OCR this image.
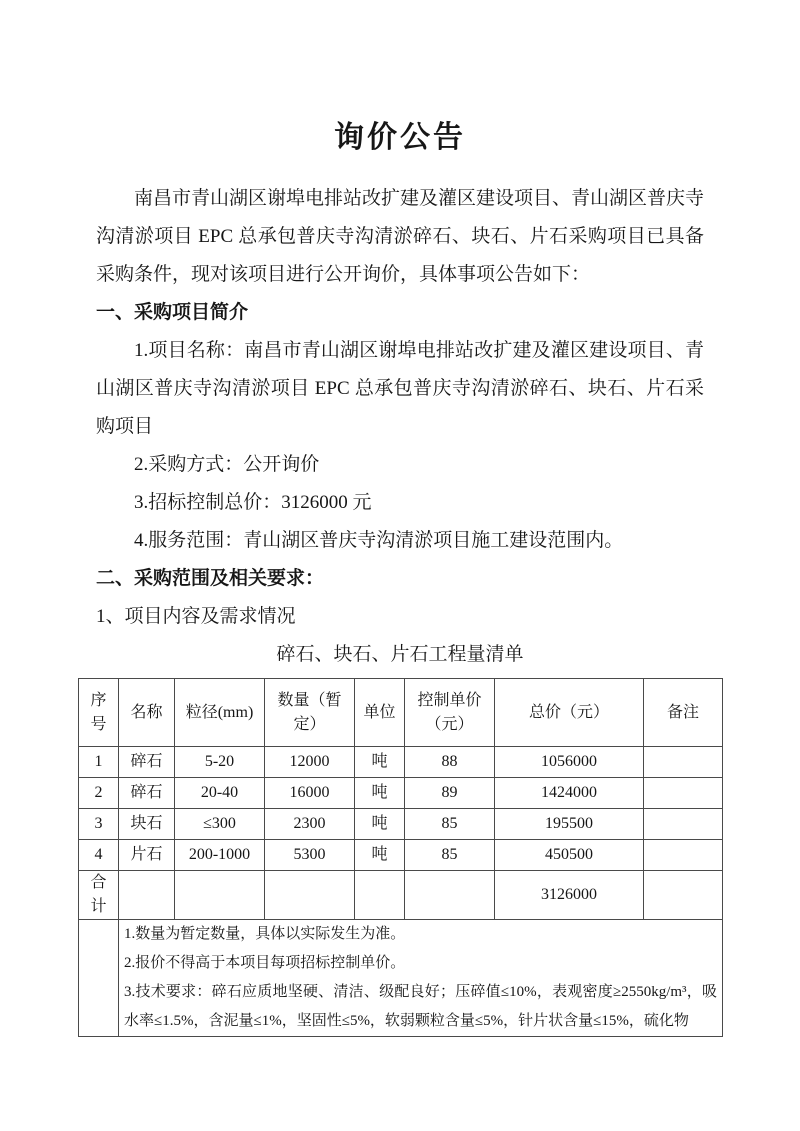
询价公告

南昌市青山湖区谢埠电排站改扩建及灌区建设项目、青山湖区普庆寺沟清淤项目 EPC 总承包普庆寺沟清淤碎石、块石、片石采购项目已具备采购条件，现对该项目进行公开询价，具体事项公告如下：

一、采购项目简介

1.项目名称：南昌市青山湖区谢埠电排站改扩建及灌区建设项目、青山湖区普庆寺沟清淤项目 EPC 总承包普庆寺沟清淤碎石、块石、片石采购项目

2.采购方式：公开询价

3.招标控制总价：3126000 元

4.服务范围：青山湖区普庆寺沟清淤项目施工建设范围内。

二、采购范围及相关要求：

1、项目内容及需求情况

碎石、块石、片石工程量清单

序号	名称	粒径(mm)	数量（暂定）	单位	控制单价（元）	总价（元）	备注
1	碎石	5-20	12000	吨	88	1056000	
2	碎石	20-40	16000	吨	89	1424000	
3	块石	≤300	2300	吨	85	195500	
4	片石	200-1000	5300	吨	85	450500	
合计						3126000	

	1.数量为暂定数量，具体以实际发生为准。
2.报价不得高于本项目每项招标控制单价。
3.技术要求：碎石应质地坚硬、清洁、级配良好；压碎值≤10%，表观密度≥2550kg/m³，吸水率≤1.5%，含泥量≤1%，坚固性≤5%，软弱颗粒含量≤5%，针片状含量≤15%，硫化物						
